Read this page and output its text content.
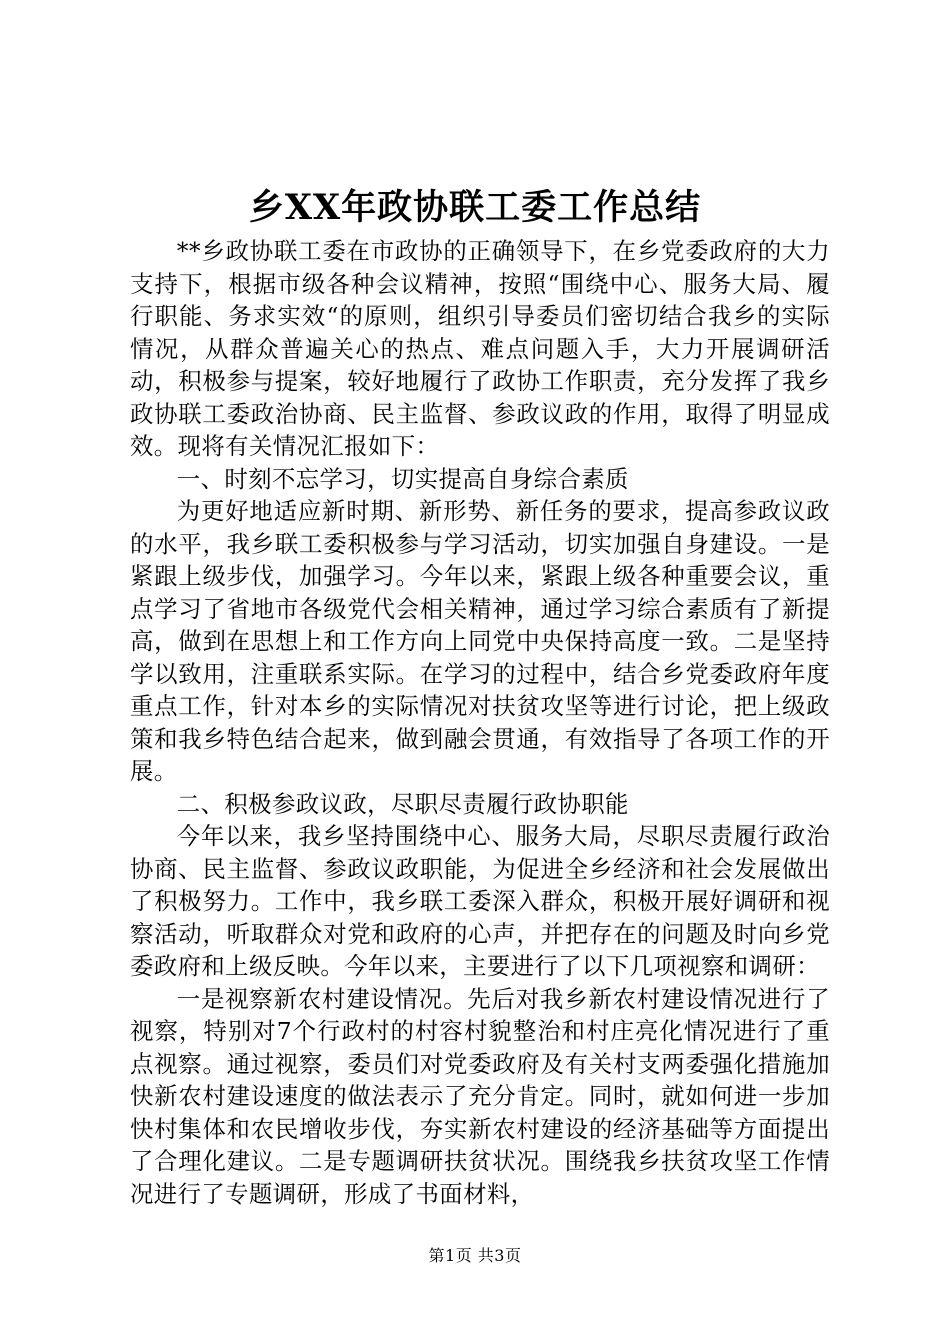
乡XX年政协联工委工作总结

**乡政协联工委在市政协的正确领导下，在乡党委政府的大力支持下，根据市级各种会议精神，按照“围绕中心、服务大局、履行职能、务求实效“的原则，组织引导委员们密切结合我乡的实际情况，从群众普遍关心的热点、难点问题入手，大力开展调研活动，积极参与提案，较好地履行了政协工作职责，充分发挥了我乡政协联工委政治协商、民主监督、参政议政的作用，取得了明显成效。现将有关情况汇报如下：

一、时刻不忘学习，切实提高自身综合素质

为更好地适应新时期、新形势、新任务的要求，提高参政议政的水平，我乡联工委积极参与学习活动，切实加强自身建设。一是紧跟上级步伐，加强学习。今年以来，紧跟上级各种重要会议，重点学习了省地市各级党代会相关精神，通过学习综合素质有了新提高，做到在思想上和工作方向上同党中央保持高度一致。二是坚持学以致用，注重联系实际。在学习的过程中，结合乡党委政府年度重点工作，针对本乡的实际情况对扶贫攻坚等进行讨论，把上级政策和我乡特色结合起来，做到融会贯通，有效指导了各项工作的开展。

二、积极参政议政，尽职尽责履行政协职能

今年以来，我乡坚持围绕中心、服务大局，尽职尽责履行政治协商、民主监督、参政议政职能，为促进全乡经济和社会发展做出了积极努力。工作中，我乡联工委深入群众，积极开展好调研和视察活动，听取群众对党和政府的心声，并把存在的问题及时向乡党委政府和上级反映。今年以来，主要进行了以下几项视察和调研：

一是视察新农村建设情况。先后对我乡新农村建设情况进行了视察，特别对7个行政村的村容村貌整治和村庄亮化情况进行了重点视察。通过视察，委员们对党委政府及有关村支两委强化措施加快新农村建设速度的做法表示了充分肯定。同时，就如何进一步加快村集体和农民增收步伐，夯实新农村建设的经济基础等方面提出了合理化建议。二是专题调研扶贫状况。围绕我乡扶贫攻坚工作情况进行了专题调研，形成了书面材料，

第1页 共3页
